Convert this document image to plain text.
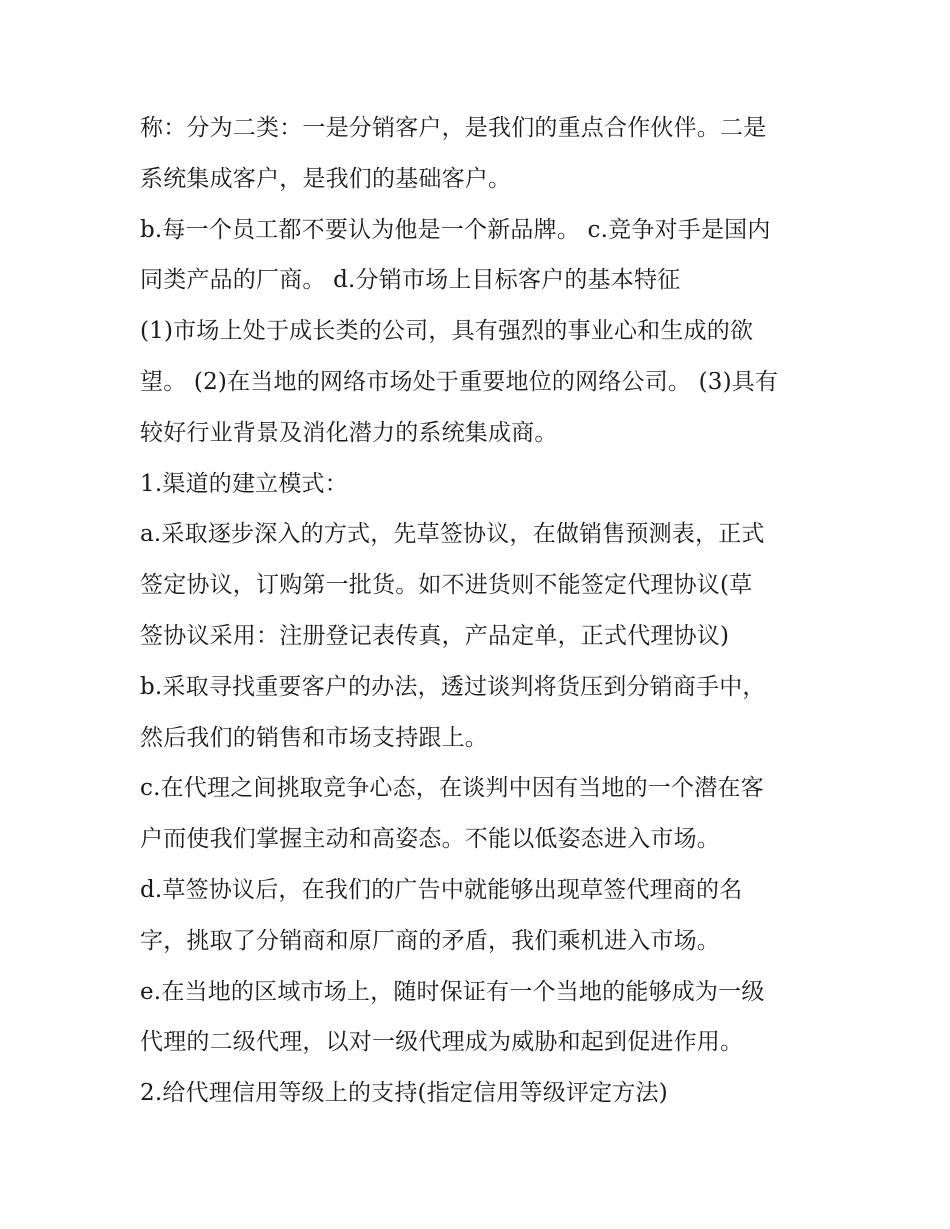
称：分为二类：一是分销客户，是我们的重点合作伙伴。二是
系统集成客户，是我们的基础客户。
b.每一个员工都不要认为他是一个新品牌。 c.竞争对手是国内
同类产品的厂商。 d.分销市场上目标客户的基本特征
(1)市场上处于成长类的公司，具有强烈的事业心和生成的欲
望。 (2)在当地的网络市场处于重要地位的网络公司。 (3)具有
较好行业背景及消化潜力的系统集成商。
1.渠道的建立模式：
a.采取逐步深入的方式，先草签协议，在做销售预测表，正式
签定协议，订购第一批货。如不进货则不能签定代理协议(草
签协议采用：注册登记表传真，产品定单，正式代理协议)
b.采取寻找重要客户的办法，透过谈判将货压到分销商手中，
然后我们的销售和市场支持跟上。
c.在代理之间挑取竞争心态，在谈判中因有当地的一个潜在客
户而使我们掌握主动和高姿态。不能以低姿态进入市场。
d.草签协议后，在我们的广告中就能够出现草签代理商的名
字，挑取了分销商和原厂商的矛盾，我们乘机进入市场。
e.在当地的区域市场上，随时保证有一个当地的能够成为一级
代理的二级代理，以对一级代理成为威胁和起到促进作用。
2.给代理信用等级上的支持(指定信用等级评定方法)
